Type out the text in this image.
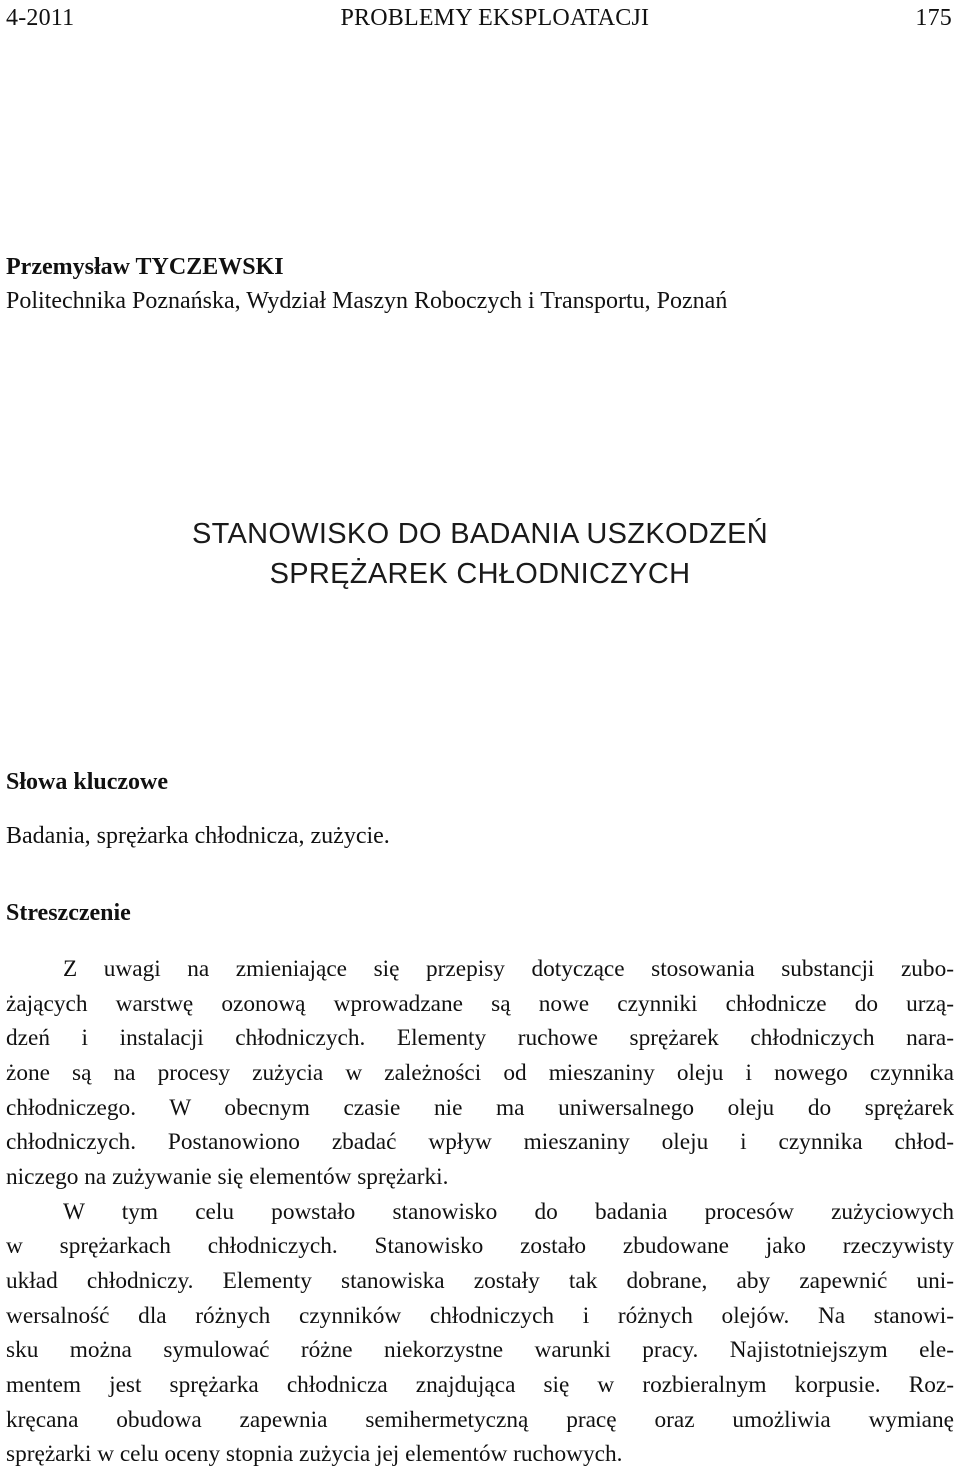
4-2011	PROBLEMY EKSPLOATACJI	175
Przemysław TYCZEWSKI
Politechnika Poznańska, Wydział Maszyn Roboczych i Transportu, Poznań
STANOWISKO DO BADANIA USZKODZEŃ
SPRĘŻAREK CHŁODNICZYCH
Słowa kluczowe
Badania, sprężarka chłodnicza, zużycie.
Streszczenie
Z uwagi na zmieniające się przepisy dotyczące stosowania substancji zubo-
żających warstwę ozonową wprowadzane są nowe czynniki chłodnicze do urzą-
dzeń i instalacji chłodniczych. Elementy ruchowe sprężarek chłodniczych nara-
żone są na procesy zużycia w zależności od mieszaniny oleju i nowego czynnika
chłodniczego. W obecnym czasie nie ma uniwersalnego oleju do sprężarek
chłodniczych. Postanowiono zbadać wpływ mieszaniny oleju i czynnika chłod-
niczego na zużywanie się elementów sprężarki.
W tym celu powstało stanowisko do badania procesów zużyciowych
w sprężarkach chłodniczych. Stanowisko zostało zbudowane jako rzeczywisty
układ chłodniczy. Elementy stanowiska zostały tak dobrane, aby zapewnić uni-
wersalność dla różnych czynników chłodniczych i różnych olejów. Na stanowi-
sku można symulować różne niekorzystne warunki pracy. Najistotniejszym ele-
mentem jest sprężarka chłodnicza znajdująca się w rozbieralnym korpusie. Roz-
kręcana obudowa zapewnia semihermetyczną pracę oraz umożliwia wymianę
sprężarki w celu oceny stopnia zużycia jej elementów ruchowych.
